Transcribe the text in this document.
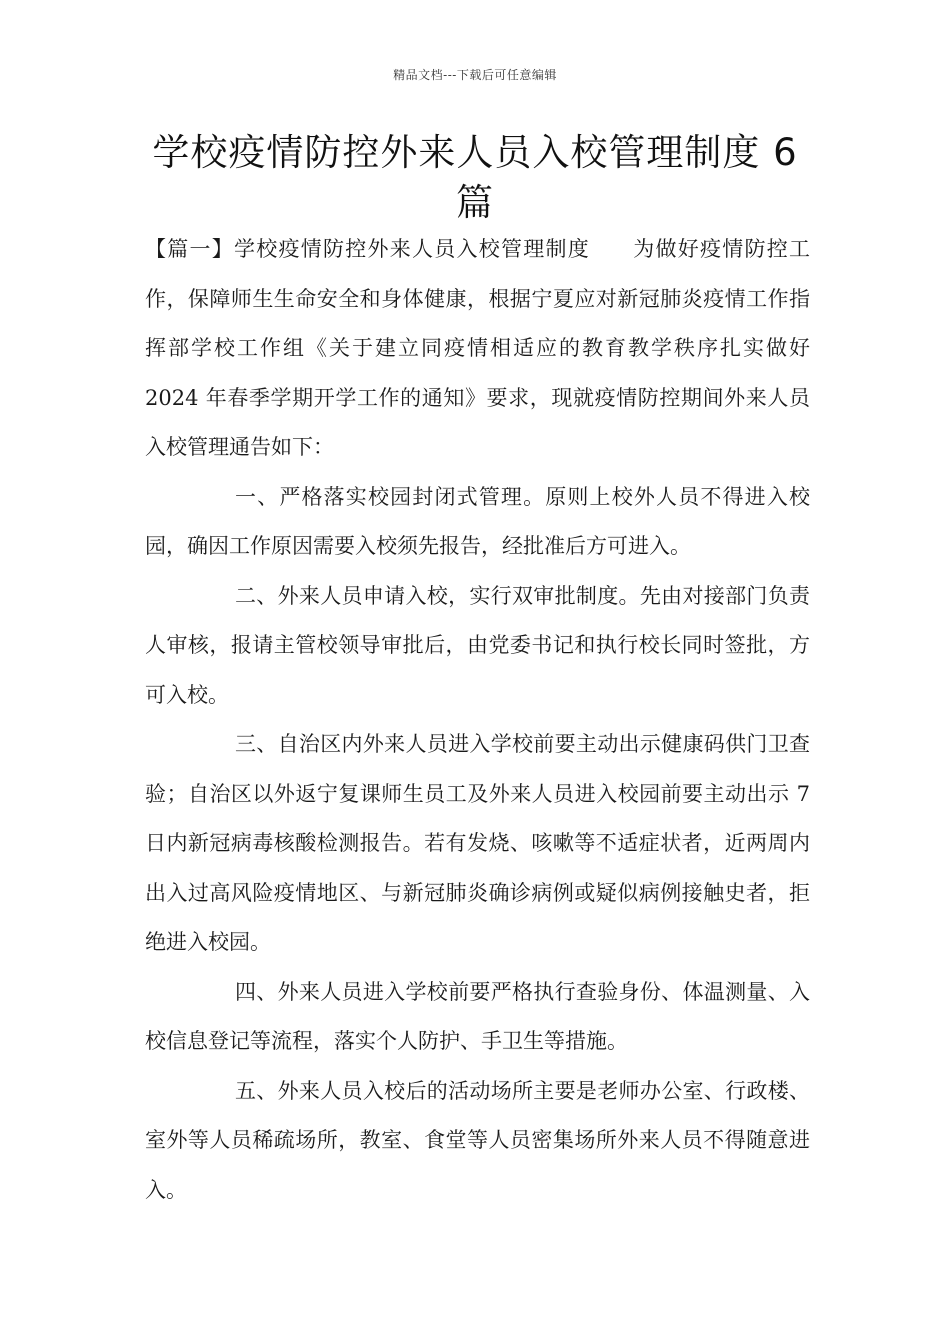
精品文档---下载后可任意编辑
学校疫情防控外来人员入校管理制度 6 篇

【篇一】学校疫情防控外来人员入校管理制度 为做好疫情防控工作，保障师生生命安全和身体健康，根据宁夏应对新冠肺炎疫情工作指挥部学校工作组《关于建立同疫情相适应的教育教学秩序扎实做好 2024 年春季学期开学工作的通知》要求，现就疫情防控期间外来人员入校管理通告如下：

一、严格落实校园封闭式管理。原则上校外人员不得进入校园，确因工作原因需要入校须先报告，经批准后方可进入。

二、外来人员申请入校，实行双审批制度。先由对接部门负责人审核，报请主管校领导审批后，由党委书记和执行校长同时签批，方可入校。

三、自治区内外来人员进入学校前要主动出示健康码供门卫查验；自治区以外返宁复课师生员工及外来人员进入校园前要主动出示 7 日内新冠病毒核酸检测报告。若有发烧、咳嗽等不适症状者，近两周内出入过高风险疫情地区、与新冠肺炎确诊病例或疑似病例接触史者，拒绝进入校园。

四、外来人员进入学校前要严格执行查验身份、体温测量、入校信息登记等流程，落实个人防护、手卫生等措施。

五、外来人员入校后的活动场所主要是老师办公室、行政楼、室外等人员稀疏场所，教室、食堂等人员密集场所外来人员不得随意进入。
